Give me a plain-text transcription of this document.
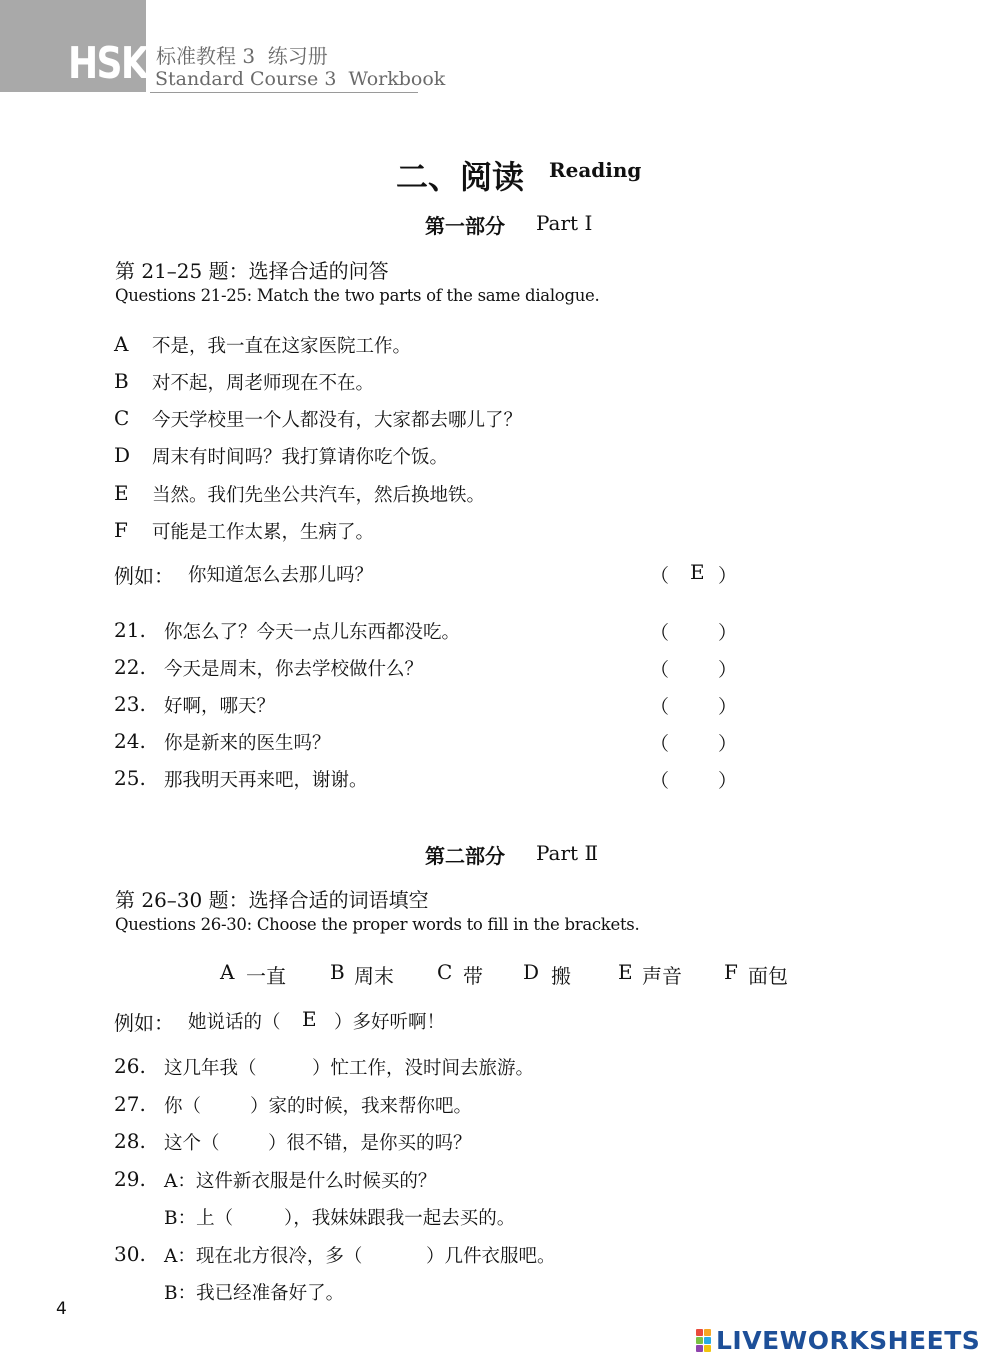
HSK 标准教程 3  练习册
Standard Course 3  Workbook
二、阅读 Reading
第一部分 Part Ⅰ
第 21–25 题：选择合适的问答
Questions 21-25: Match the two parts of the same dialogue.
A 不是，我一直在这家医院工作。
B 对不起，周老师现在不在。
C 今天学校里一个人都没有，大家都去哪儿了？
D 周末有时间吗？我打算请你吃个饭。
E 当然。我们先坐公共汽车，然后换地铁。
F 可能是工作太累，生病了。
例如： 你知道怎么去那儿吗？	（ E ）
21. 你怎么了？今天一点儿东西都没吃。	（	）
22. 今天是周末，你去学校做什么？	（	）
23. 好啊，哪天？	（	）
24. 你是新来的医生吗？	（	）
25. 那我明天再来吧，谢谢。	（	）
第二部分 Part Ⅱ
第 26–30 题：选择合适的词语填空
Questions 26-30: Choose the proper words to fill in the brackets.
A 一直 B 周末 C 带 D 搬 E 声音 F 面包
例如： 她说话的（ E ）多好听啊！
26. 这几年我（	）忙工作，没时间去旅游。
27. 你（	）家的时候，我来帮你吧。
28. 这个（	）很不错，是你买的吗？
29. A：这件新衣服是什么时候买的？
B：上（	），我妹妹跟我一起去买的。
30. A：现在北方很冷，多（	）几件衣服吧。
B：我已经准备好了。
4
LIVEWORKSHEETS
